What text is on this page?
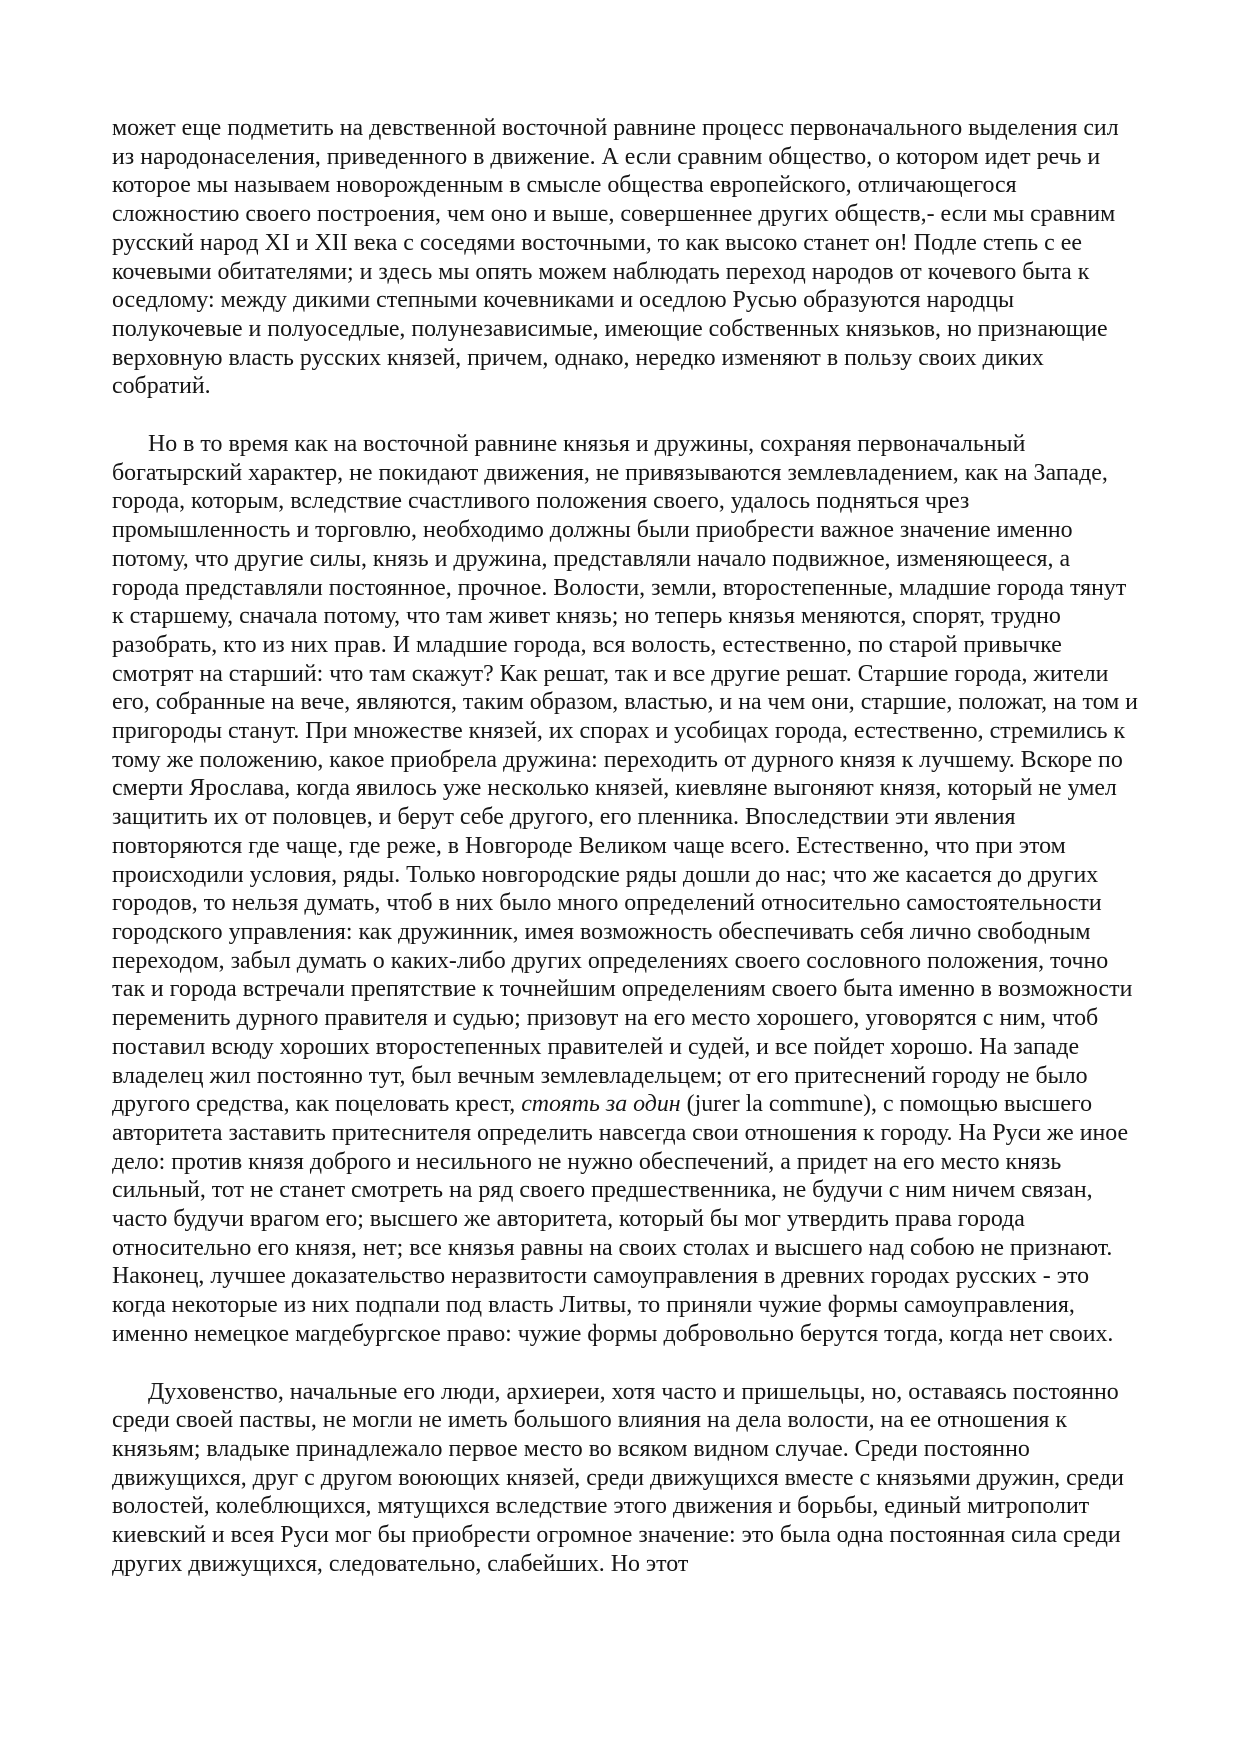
может еще подметить на девственной восточной равнине процесс первоначального выделения сил из народонаселения, приведенного в движение. А если сравним общество, о котором идет речь и которое мы называем новорожденным в смысле общества европейского, отличающегося сложностию своего построения, чем оно и выше, совершеннее других обществ,- если мы сравним русский народ XI и XII века с соседями восточными, то как высоко станет он! Подле степь с ее кочевыми обитателями; и здесь мы опять можем наблюдать переход народов от кочевого быта к оседлому: между дикими степными кочевниками и оседлою Русью образуются народцы полукочевые и полуоседлые, полунезависимые, имеющие собственных князьков, но признающие верховную власть русских князей, причем, однако, нередко изменяют в пользу своих диких собратий.

Но в то время как на восточной равнине князья и дружины, сохраняя первоначальный богатырский характер, не покидают движения, не привязываются землевладением, как на Западе, города, которым, вследствие счастливого положения своего, удалось подняться чрез промышленность и торговлю, необходимо должны были приобрести важное значение именно потому, что другие силы, князь и дружина, представляли начало подвижное, изменяющееся, а города представляли постоянное, прочное. Волости, земли, второстепенные, младшие города тянут к старшему, сначала потому, что там живет князь; но теперь князья меняются, спорят, трудно разобрать, кто из них прав. И младшие города, вся волость, естественно, по старой привычке смотрят на старший: что там скажут? Как решат, так и все другие решат. Старшие города, жители его, собранные на вече, являются, таким образом, властью, и на чем они, старшие, положат, на том и пригороды станут. При множестве князей, их спорах и усобицах города, естественно, стремились к тому же положению, какое приобрела дружина: переходить от дурного князя к лучшему. Вскоре по смерти Ярослава, когда явилось уже несколько князей, киевляне выгоняют князя, который не умел защитить их от половцев, и берут себе другого, его пленника. Впоследствии эти явления повторяются где чаще, где реже, в Новгороде Великом чаще всего. Естественно, что при этом происходили условия, ряды. Только новгородские ряды дошли до нас; что же касается до других городов, то нельзя думать, чтоб в них было много определений относительно самостоятельности городского управления: как дружинник, имея возможность обеспечивать себя лично свободным переходом, забыл думать о каких-либо других определениях своего сословного положения, точно так и города встречали препятствие к точнейшим определениям своего быта именно в возможности переменить дурного правителя и судью; призовут на его место хорошего, уговорятся с ним, чтоб поставил всюду хороших второстепенных правителей и судей, и все пойдет хорошо. На западе владелец жил постоянно тут, был вечным землевладельцем; от его притеснений городу не было другого средства, как поцеловать крест, стоять за один (jurer la commune), с помощью высшего авторитета заставить притеснителя определить навсегда свои отношения к городу. На Руси же иное дело: против князя доброго и несильного не нужно обеспечений, а придет на его место князь сильный, тот не станет смотреть на ряд своего предшественника, не будучи с ним ничем связан, часто будучи врагом его; высшего же авторитета, который бы мог утвердить права города относительно его князя, нет; все князья равны на своих столах и высшего над собою не признают. Наконец, лучшее доказательство неразвитости самоуправления в древних городах русских - это когда некоторые из них подпали под власть Литвы, то приняли чужие формы самоуправления, именно немецкое магдебургское право: чужие формы добровольно берутся тогда, когда нет своих.

Духовенство, начальные его люди, архиереи, хотя часто и пришельцы, но, оставаясь постоянно среди своей паствы, не могли не иметь большого влияния на дела волости, на ее отношения к князьям; владыке принадлежало первое место во всяком видном случае. Среди постоянно движущихся, друг с другом воюющих князей, среди движущихся вместе с князьями дружин, среди волостей, колеблющихся, мятущихся вследствие этого движения и борьбы, единый митрополит киевский и всея Руси мог бы приобрести огромное значение: это была одна постоянная сила среди других движущихся, следовательно, слабейших. Но этот
